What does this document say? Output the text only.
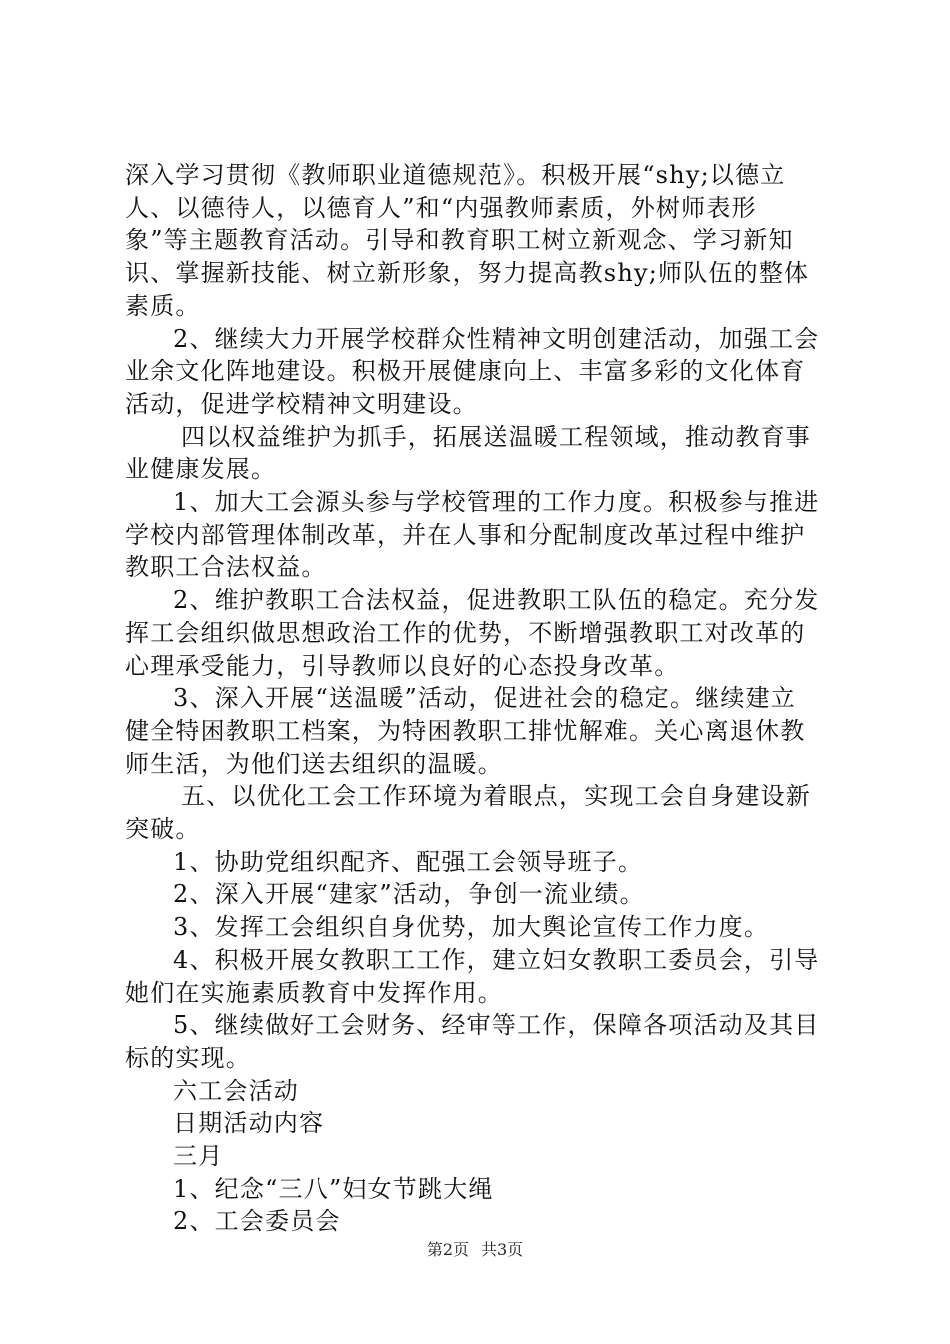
深入学习贯彻《教师职业道德规范》。积极开展“shy;以德立
人、以德待人，以德育人”和“内强教师素质，外树师表形
象”等主题教育活动。引导和教育职工树立新观念、学习新知
识、掌握新技能、树立新形象，努力提高教shy;师队伍的整体
素质。
2、继续大力开展学校群众性精神文明创建活动，加强工会
业余文化阵地建设。积极开展健康向上、丰富多彩的文化体育
活动，促进学校精神文明建设。
四以权益维护为抓手，拓展送温暖工程领域，推动教育事
业健康发展。
1、加大工会源头参与学校管理的工作力度。积极参与推进
学校内部管理体制改革，并在人事和分配制度改革过程中维护
教职工合法权益。
2、维护教职工合法权益，促进教职工队伍的稳定。充分发
挥工会组织做思想政治工作的优势，不断增强教职工对改革的
心理承受能力，引导教师以良好的心态投身改革。
3、深入开展“送温暖”活动，促进社会的稳定。继续建立
健全特困教职工档案，为特困教职工排忧解难。关心离退休教
师生活，为他们送去组织的温暖。
五、以优化工会工作环境为着眼点，实现工会自身建设新
突破。
1、协助党组织配齐、配强工会领导班子。
2、深入开展“建家”活动，争创一流业绩。
3、发挥工会组织自身优势，加大舆论宣传工作力度。
4、积极开展女教职工工作，建立妇女教职工委员会，引导
她们在实施素质教育中发挥作用。
5、继续做好工会财务、经审等工作，保障各项活动及其目
标的实现。
六工会活动
日期活动内容
三月
1、纪念“三八”妇女节跳大绳
2、工会委员会
第2页 共3页
